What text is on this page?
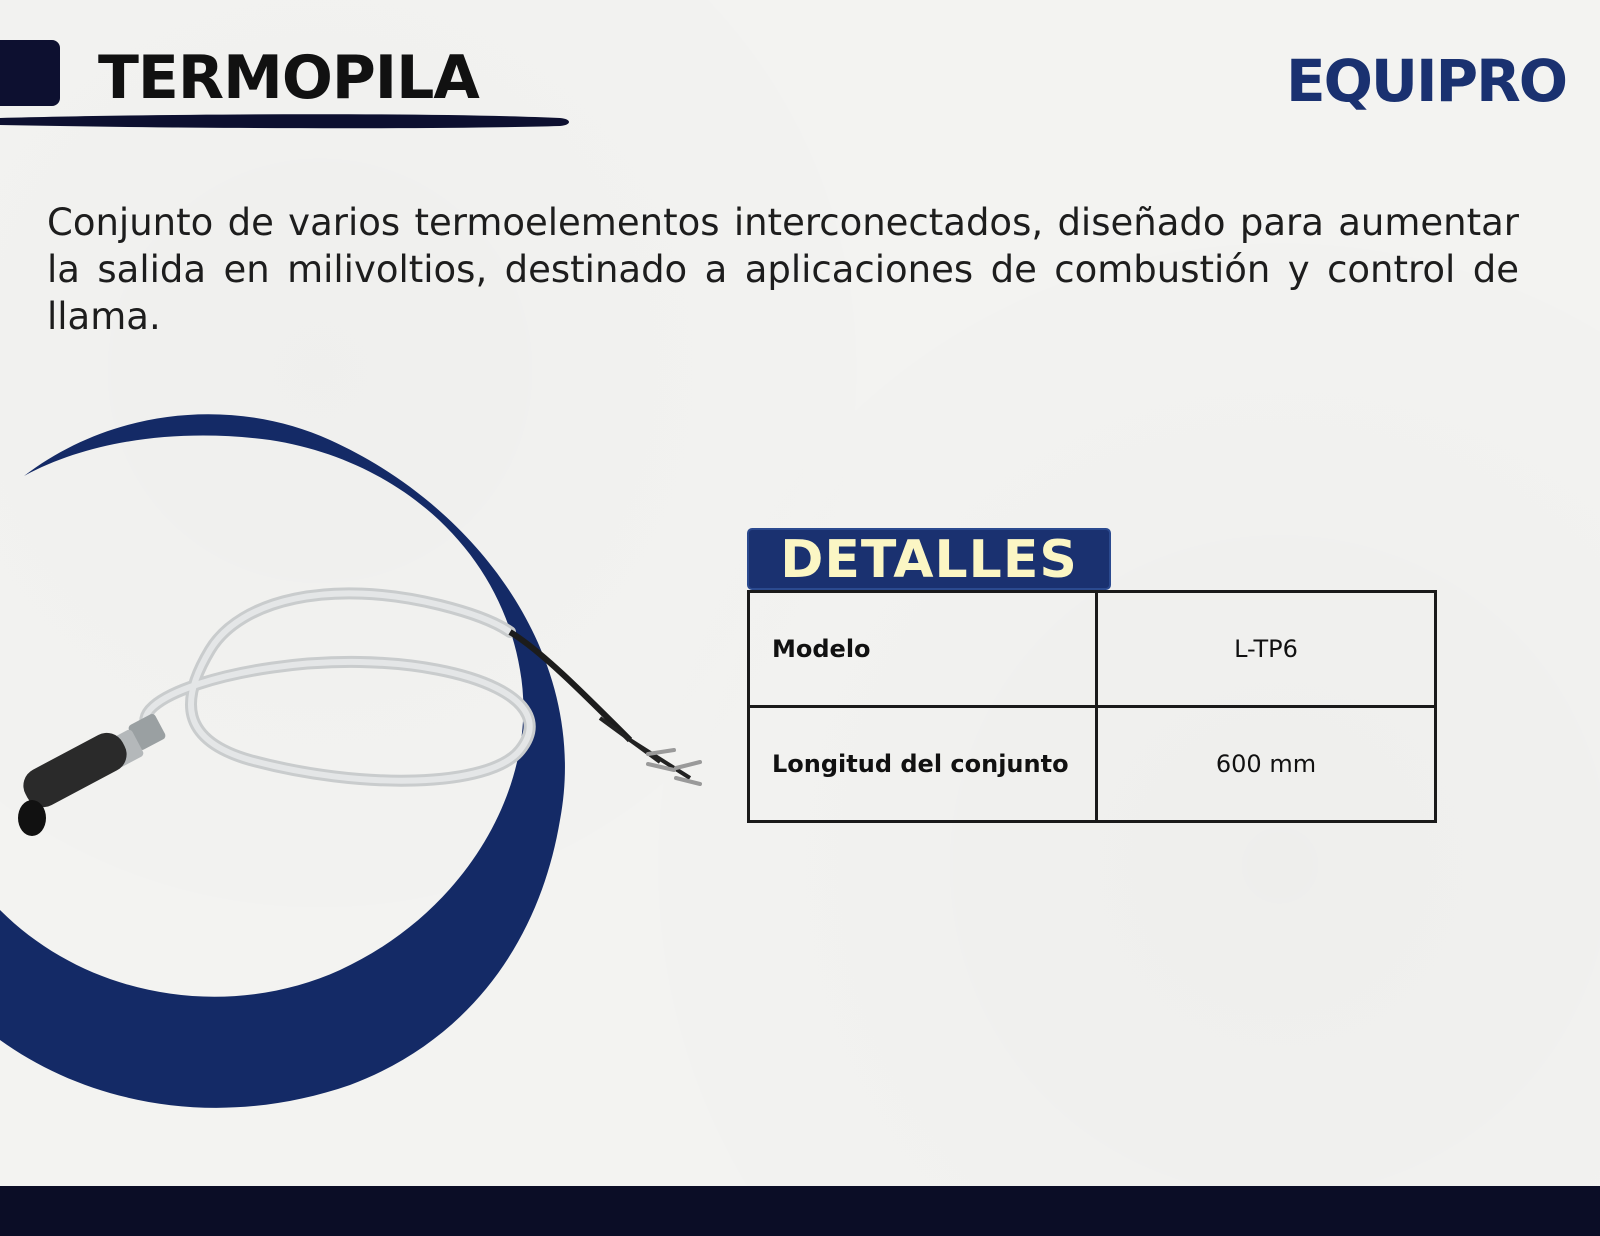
TERMOPILA	EQUIPRO

Conjunto de varios termoelementos interconectados, diseñado para aumentar la salida en milivoltios, destinado a aplicaciones de combustión y control de llama.

DETALLES
Modelo	L-TP6
Longitud del conjunto	600 mm
